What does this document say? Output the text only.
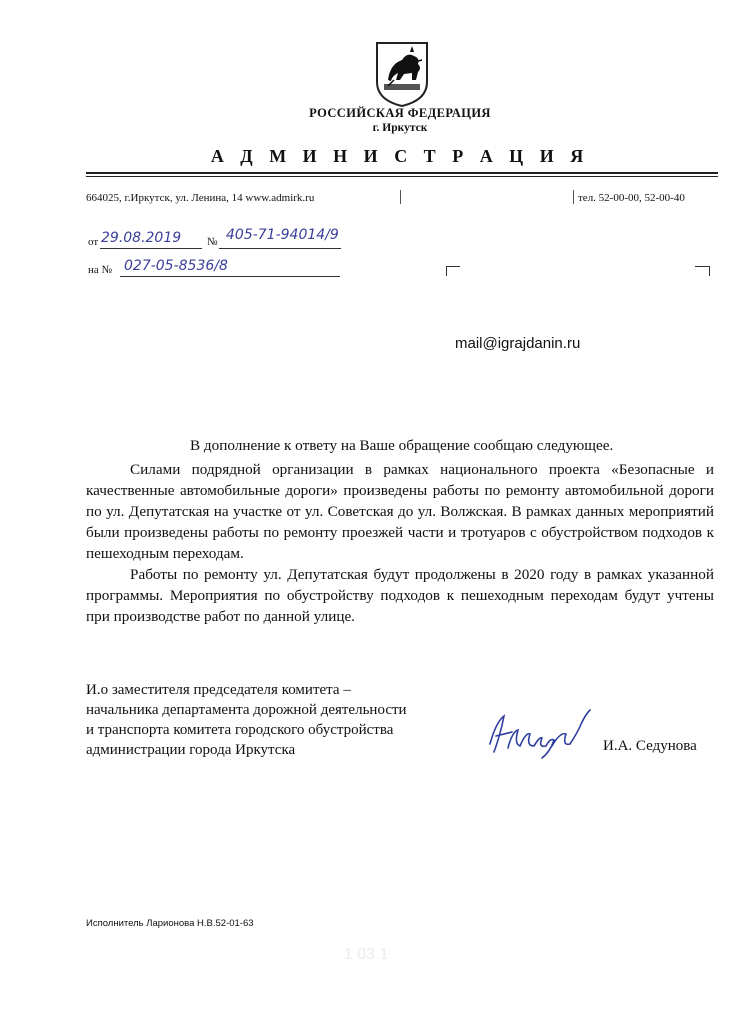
РОССИЙСКАЯ ФЕДЕРАЦИЯ
г. Иркутск
А Д М И Н И С Т Р А Ц И Я
664025, г.Иркутск, ул. Ленина, 14 www.admirk.ru	тел. 52-00-00, 52-00-40
от 29.08.2019 № 405-71-94014/9
на № 027-05-8536/8
mail@igrajdanin.ru
В дополнение к ответу на Ваше обращение сообщаю следующее.

Силами подрядной организации в рамках национального проекта «Безопасные и качественные автомобильные дороги» произведены работы по ремонту автомобильной дороги по ул. Депутатская на участке от ул. Советская до ул. Волжская. В рамках данных мероприятий были произведены работы по ремонту проезжей части и тротуаров с обустройством подходов к пешеходным переходам.

Работы по ремонту ул. Депутатская будут продолжены в 2020 году в рамках указанной программы. Мероприятия по обустройству подходов к пешеходным переходам будут учтены при производстве работ по данной улице.

И.о заместителя председателя комитета –
начальника департамента дорожной деятельности
и транспорта комитета городского обустройства
администрации города Иркутска	И.А. Седунова
Исполнитель Ларионова Н.В.52-01-63
1 03 1
